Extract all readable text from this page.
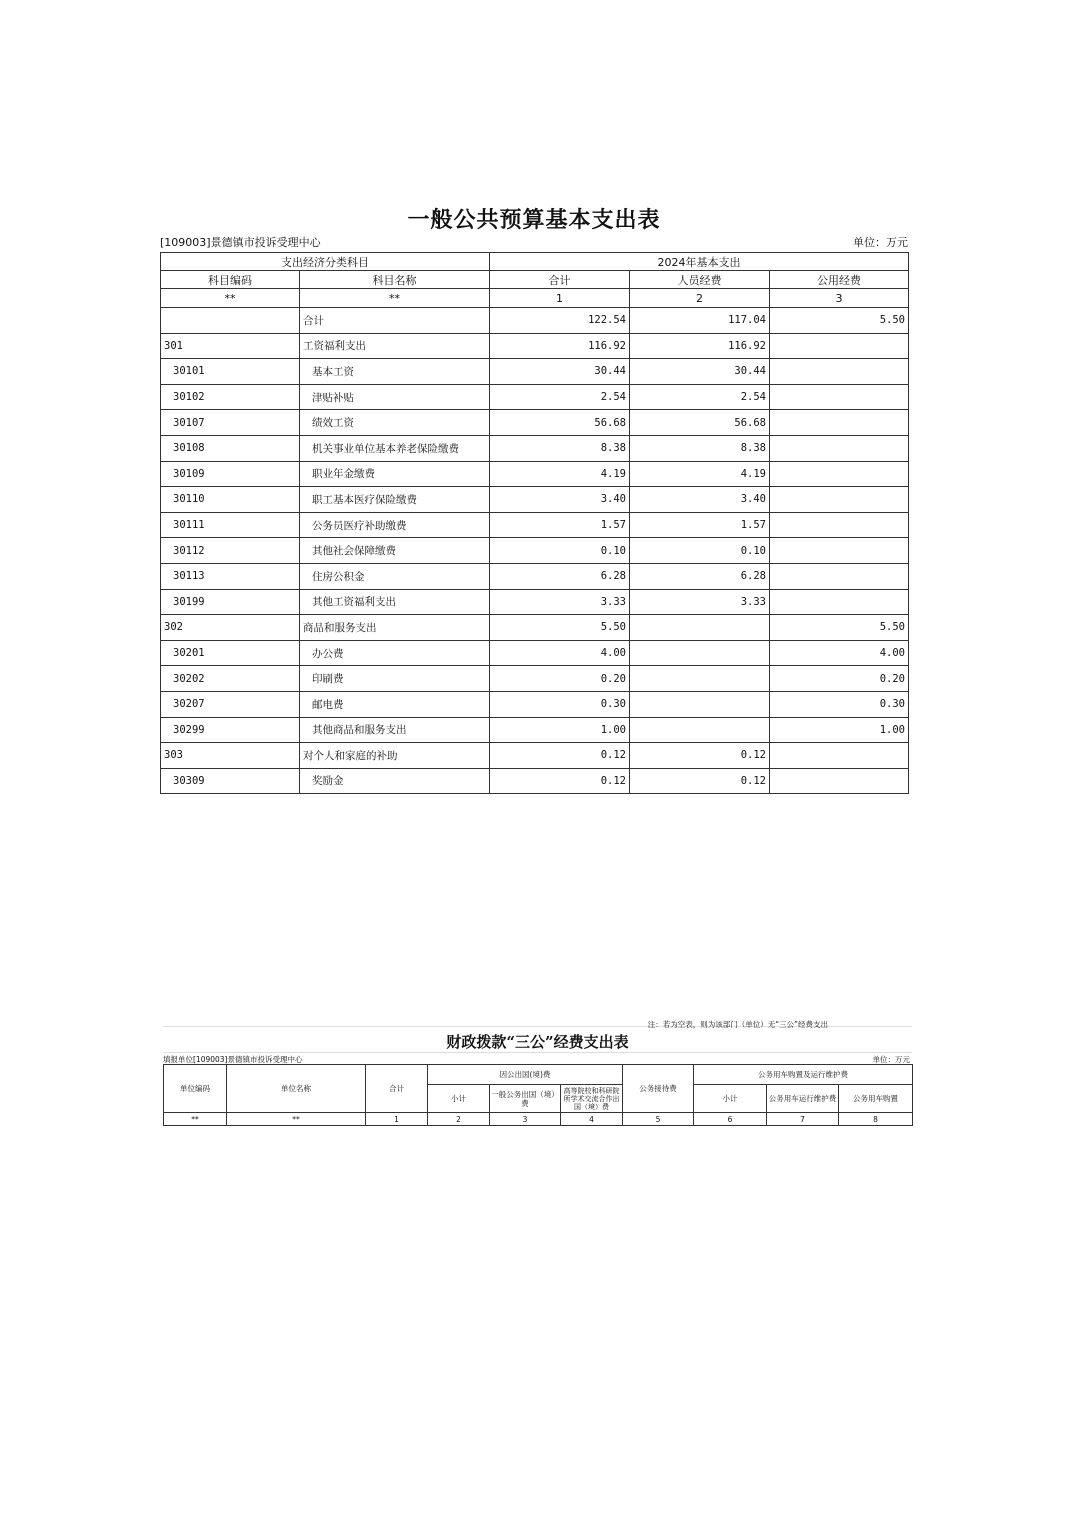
一般公共预算基本支出表
[109003]景德镇市投诉受理中心	单位：万元
支出经济分类科目		2024年基本支出		
科目编码	科目名称	合计	人员经费	公用经费
**	**	1	2	3
	合计	122.54	117.04	5.50
301	工资福利支出	116.92	116.92	
30101	基本工资	30.44	30.44	
30102	津贴补贴	2.54	2.54	
30107	绩效工资	56.68	56.68	
30108	机关事业单位基本养老保险缴费	8.38	8.38	
30109	职业年金缴费	4.19	4.19	
30110	职工基本医疗保险缴费	3.40	3.40	
30111	公务员医疗补助缴费	1.57	1.57	
30112	其他社会保障缴费	0.10	0.10	
30113	住房公积金	6.28	6.28	
30199	其他工资福利支出	3.33	3.33	
302	商品和服务支出	5.50		5.50
30201	办公费	4.00		4.00
30202	印刷费	0.20		0.20
30207	邮电费	0.30		0.30
30299	其他商品和服务支出	1.00		1.00
303	对个人和家庭的补助	0.12	0.12	
30309	奖励金	0.12	0.12	
注：若为空表，则为该部门（单位）无“三公”经费支出
财政拨款“三公”经费支出表
填报单位[109003]景德镇市投诉受理中心	单位：万元
单位编码	单位名称	合计	因公出国(境)费			公务接待费	公务用车购置及运行维护费		
			小计	一般公务出国（境）费	高等院校和科研院所学术交流合作出国（境）费		小计	公务用车运行维护费	公务用车购置
**	**	1	2	3	4	5	6	7	8
